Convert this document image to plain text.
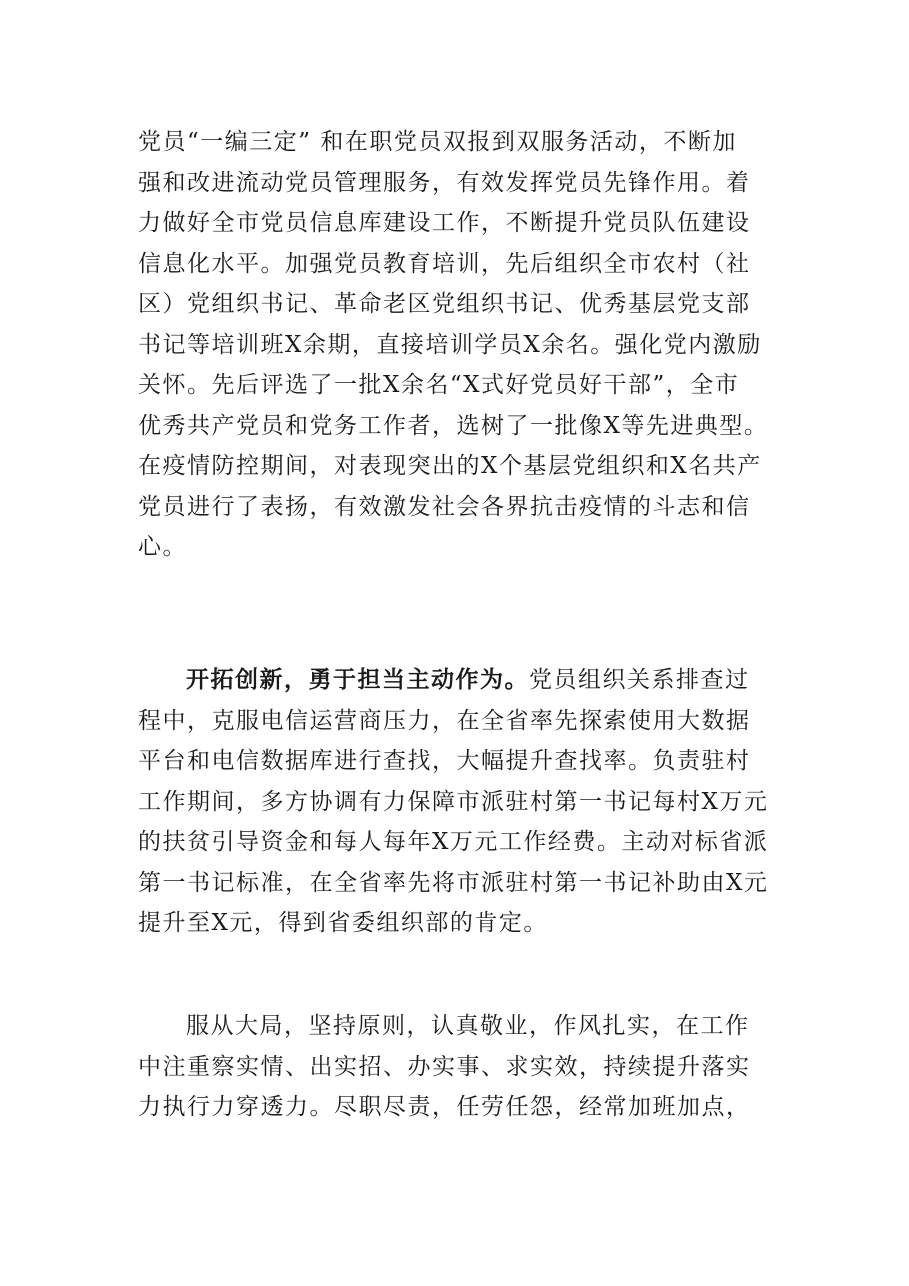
党员“一编三定” 和在职党员双报到双服务活动，不断加
强和改进流动党员管理服务，有效发挥党员先锋作用。着
力做好全市党员信息库建设工作，不断提升党员队伍建设
信息化水平。加强党员教育培训，先后组织全市农村（社
区）党组织书记、革命老区党组织书记、优秀基层党支部
书记等培训班X余期，直接培训学员X余名。强化党内激励
关怀。先后评选了一批X余名“X式好党员好干部”，全市
优秀共产党员和党务工作者，选树了一批像X等先进典型。
在疫情防控期间，对表现突出的X个基层党组织和X名共产
党员进行了表扬，有效激发社会各界抗击疫情的斗志和信
心。
开拓创新，勇于担当主动作为。党员组织关系排查过
程中，克服电信运营商压力，在全省率先探索使用大数据
平台和电信数据库进行查找，大幅提升查找率。负责驻村
工作期间，多方协调有力保障市派驻村第一书记每村X万元
的扶贫引导资金和每人每年X万元工作经费。主动对标省派
第一书记标准，在全省率先将市派驻村第一书记补助由X元
提升至X元，得到省委组织部的肯定。
服从大局，坚持原则，认真敬业，作风扎实，在工作
中注重察实情、出实招、办实事、求实效，持续提升落实
力执行力穿透力。尽职尽责，任劳任怨，经常加班加点，
